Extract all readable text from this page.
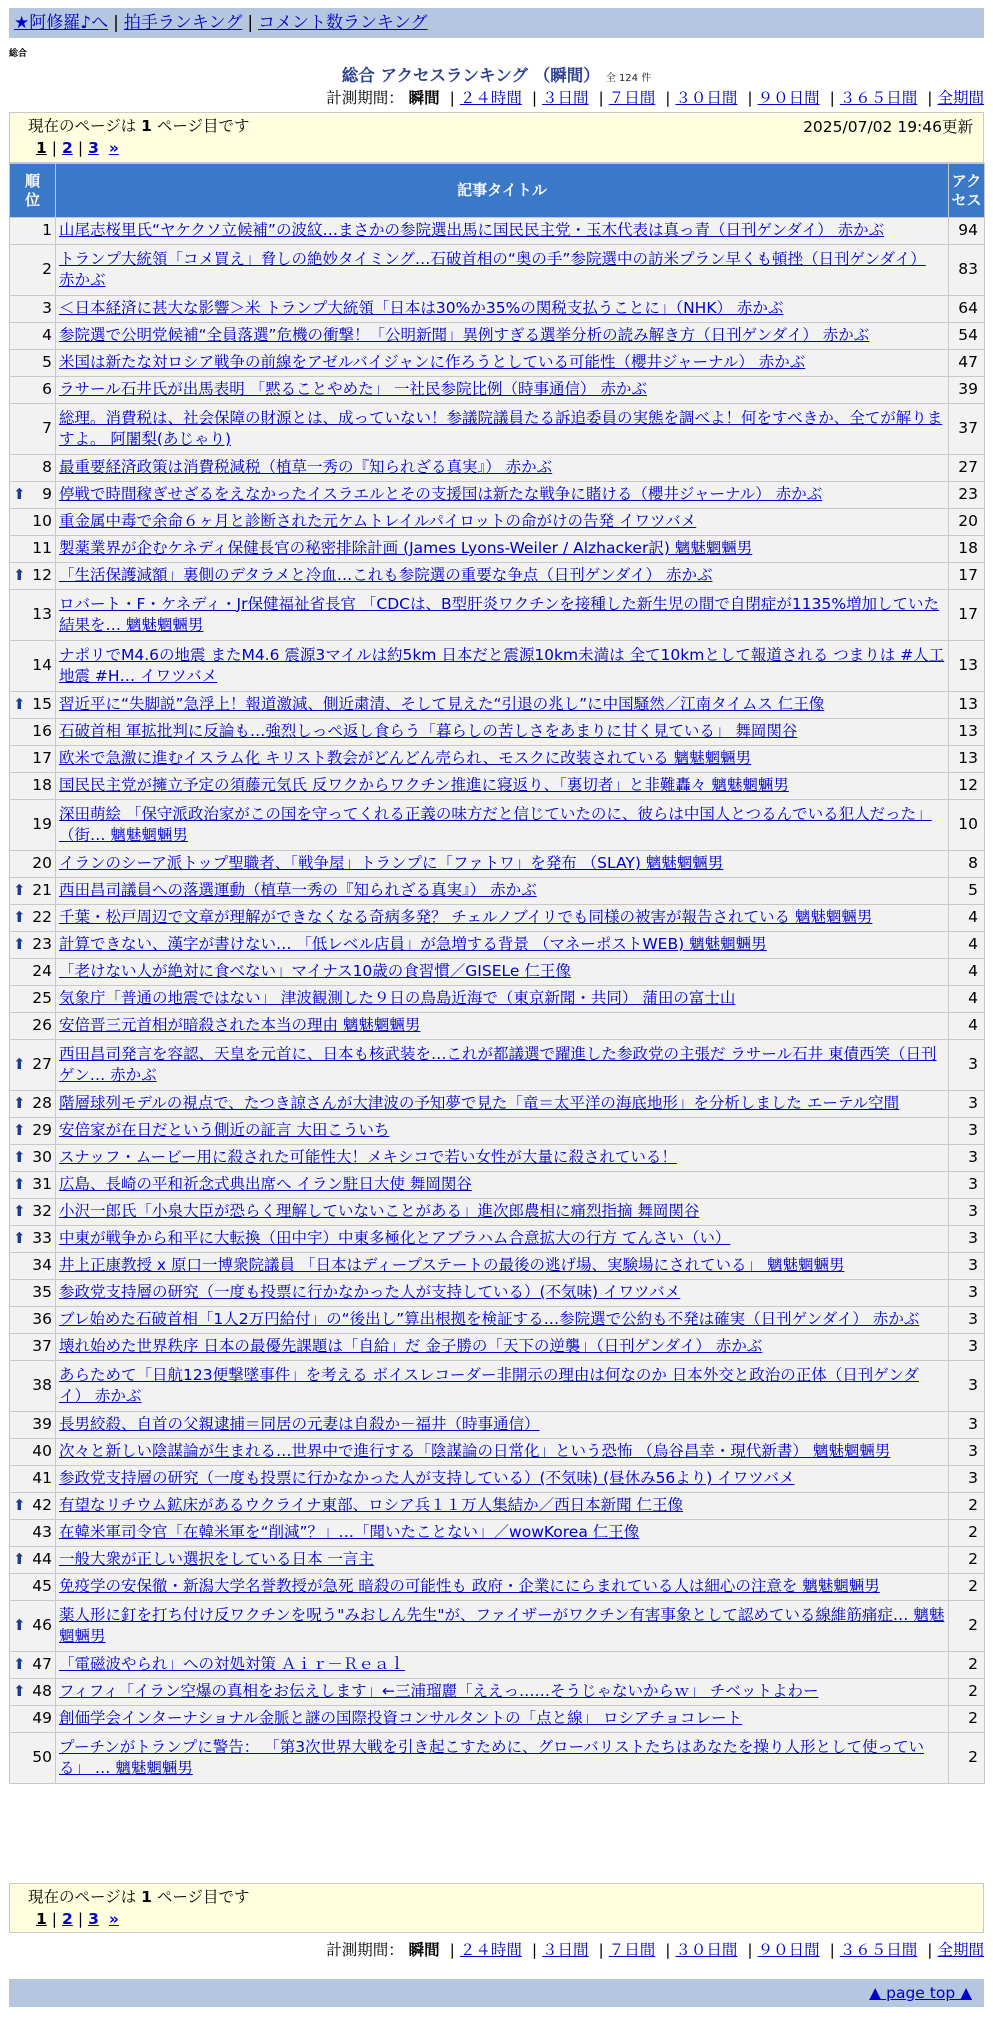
★阿修羅♪へ | 拍手ランキング | コメント数ランキング
総合
総合 アクセスランキング （瞬間） 全 124 件
計測期間： 瞬間 | ２４時間 | ３日間 | ７日間 | ３０日間 | ９０日間 | ３６５日間 | 全期間
現在のページは 1 ページ目です	2025/07/02 19:46更新
1 | 2 | 3 »
順位	記事タイトル	アクセス
1	山尾志桜里氏“ヤケクソ立候補”の波紋…まさかの参院選出馬に国民民主党・玉木代表は真っ青（日刊ゲンダイ） 赤かぶ	94
2	トランプ大統領「コメ買え」脅しの絶妙タイミング…石破首相の“奥の手”参院選中の訪米プラン早くも頓挫（日刊ゲンダイ） 赤かぶ	83
3	＜日本経済に甚大な影響＞米 トランプ大統領「日本は30%か35%の関税支払うことに」（NHK） 赤かぶ	64
4	参院選で公明党候補“全員落選”危機の衝撃！「公明新聞」異例すぎる選挙分析の読み解き方（日刊ゲンダイ） 赤かぶ	54
5	米国は新たな対ロシア戦争の前線をアゼルバイジャンに作ろうとしている可能性（櫻井ジャーナル） 赤かぶ	47
6	ラサール石井氏が出馬表明 「黙ることやめた」 一社民参院比例（時事通信） 赤かぶ	39
7	総理。消費税は、社会保障の財源とは、成っていない！参議院議員たる訴追委員の実態を調べよ！何をすべきか、全てが解りますよ。 阿闍梨(あじゃり)	37
8	最重要経済政策は消費税減税（植草一秀の『知られざる真実』） 赤かぶ	27

⬆ 9	停戦で時間稼ぎせざるをえなかったイスラエルとその支援国は新たな戦争に賭ける（櫻井ジャーナル） 赤かぶ	23
10	重金属中毒で余命６ヶ月と診断された元ケムトレイルパイロットの命がけの告発 イワツバメ	20
11	製薬業界が企むケネディ保健長官の秘密排除計画 (James Lyons-Weiler / Alzhacker訳) 魑魅魍魎男	18

⬆ 12	「生活保護減額」裏側のデタラメと冷血…これも参院選の重要な争点（日刊ゲンダイ） 赤かぶ	17
13	ロバート・F・ケネディ・Jr保健福祉省長官 「CDCは、B型肝炎ワクチンを接種した新生児の間で自閉症が1135%増加していた結果を… 魑魅魍魎男	17
14	ナポリでM4.6の地震 またM4.6 震源3マイルは約5km 日本だと震源10km未満は 全て10kmとして報道される つまりは #人工地震 #H… イワツバメ	13

⬆ 15	習近平に“失脚説”急浮上！報道激減、側近粛清、そして見えた“引退の兆し”に中国騒然／江南タイムス 仁王像	13
16	石破首相 軍拡批判に反論も…強烈しっぺ返し食らう「暮らしの苦しさをあまりに甘く見ている」 舞岡関谷	13
17	欧米で急激に進むイスラム化 キリスト教会がどんどん売られ、モスクに改装されている 魑魅魍魎男	13
18	国民民主党が擁立予定の須藤元気氏 反ワクからワクチン推進に寝返り、「裏切者」と非難轟々 魑魅魍魎男	12
19	深田萌絵 「保守派政治家がこの国を守ってくれる正義の味方だと信じていたのに、彼らは中国人とつるんでいる犯人だった」（街… 魑魅魍魎男	10
20	イランのシーア派トップ聖職者、「戦争屋」トランプに「ファトワ」を発布 （SLAY) 魑魅魍魎男	8

⬆ 21	西田昌司議員への落選運動（植草一秀の『知られざる真実』） 赤かぶ	5

⬆ 22	千葉・松戸周辺で文章が理解ができなくなる奇病多発？ チェルノブイリでも同様の被害が報告されている 魑魅魍魎男	4

⬆ 23	計算できない、漢字が書けない… 「低レベル店員」が急増する背景 （マネーポストWEB) 魑魅魍魎男	4
24	「老けない人が絶対に食べない」マイナス10歳の食習慣／GISELe 仁王像	4
25	気象庁「普通の地震ではない」 津波観測した９日の鳥島近海で（東京新聞・共同） 蒲田の富士山	4
26	安倍晋三元首相が暗殺された本当の理由 魑魅魍魎男	4

⬆ 27	西田昌司発言を容認、天皇を元首に、日本も核武装を…これが都議選で躍進した参政党の主張だ ラサール石井 東債西笑（日刊ゲン… 赤かぶ	3

⬆ 28	階層球列モデルの視点で、たつき諒さんが大津波の予知夢で見た「竜＝太平洋の海底地形」を分析しました エーテル空間	3

⬆ 29	安倍家が在日だという側近の証言 大田こういち	3

⬆ 30	スナッフ・ムービー用に殺された可能性大！メキシコで若い女性が大量に殺されている！	3

⬆ 31	広島、長崎の平和祈念式典出席へ イラン駐日大使 舞岡関谷	3

⬆ 32	小沢一郎氏「小泉大臣が恐らく理解していないことがある」進次郎農相に痛烈指摘 舞岡関谷	3

⬆ 33	中東が戦争から和平に大転換（田中宇）中東多極化とアブラハム合意拡大の行方 てんさい（い）	3
34	井上正康教授 x 原口一博衆院議員 「日本はディープステートの最後の逃げ場、実験場にされている」 魑魅魍魎男	3
35	参政党支持層の研究（一度も投票に行かなかった人が支持している）(不気味) イワツバメ	3
36	ブレ始めた石破首相「1人2万円給付」の“後出し”算出根拠を検証する…参院選で公約も不発は確実（日刊ゲンダイ） 赤かぶ	3
37	壊れ始めた世界秩序 日本の最優先課題は「自給」だ 金子勝の「天下の逆襲」（日刊ゲンダイ） 赤かぶ	3
38	あらためて「日航123便撃墜事件」を考える ボイスレコーダー非開示の理由は何なのか 日本外交と政治の正体（日刊ゲンダイ） 赤かぶ	3
39	長男絞殺、自首の父親逮捕＝同居の元妻は自殺か－福井（時事通信）	3
40	次々と新しい陰謀論が生まれる…世界中で進行する「陰謀論の日常化」という恐怖 （烏谷昌幸・現代新書） 魑魅魍魎男	3
41	参政党支持層の研究（一度も投票に行かなかった人が支持している）(不気味) (昼休み56より) イワツバメ	3

⬆ 42	有望なリチウム鉱床があるウクライナ東部、ロシア兵１１万人集結か／西日本新聞 仁王像	2
43	在韓米軍司令官「在韓米軍を“削減”？」…「聞いたことない」／wowKorea 仁王像	2

⬆ 44	一般大衆が正しい選択をしている日本 一言主	2
45	免疫学の安保徹・新潟大学名誉教授が急死 暗殺の可能性も 政府・企業ににらまれている人は細心の注意を 魑魅魍魎男	2

⬆ 46	薬人形に釘を打ち付け反ワクチンを呪う"みおしん先生"が、ファイザーがワクチン有害事象として認めている線維筋痛症… 魑魅魍魎男	2

⬆ 47	「電磁波やられ」への対処対策 Ａｉｒ－Ｒｅａｌ	2

⬆ 48	フィフィ「イラン空爆の真相をお伝えします」←三浦瑠麗「ええっ……そうじゃないからｗ」 チベットよわー	2
49	創価学会インターナショナル金脈と謎の国際投資コンサルタントの「点と線」 ロシアチョコレート	2
50	プーチンがトランプに警告： 「第3次世界大戦を引き起こすために、グローバリストたちはあなたを操り人形として使っている」 … 魑魅魍魎男	2
現在のページは 1 ページ目です
1 | 2 | 3 »
計測期間： 瞬間 | ２４時間 | ３日間 | ７日間 | ３０日間 | ９０日間 | ３６５日間 | 全期間
▲ page top ▲
